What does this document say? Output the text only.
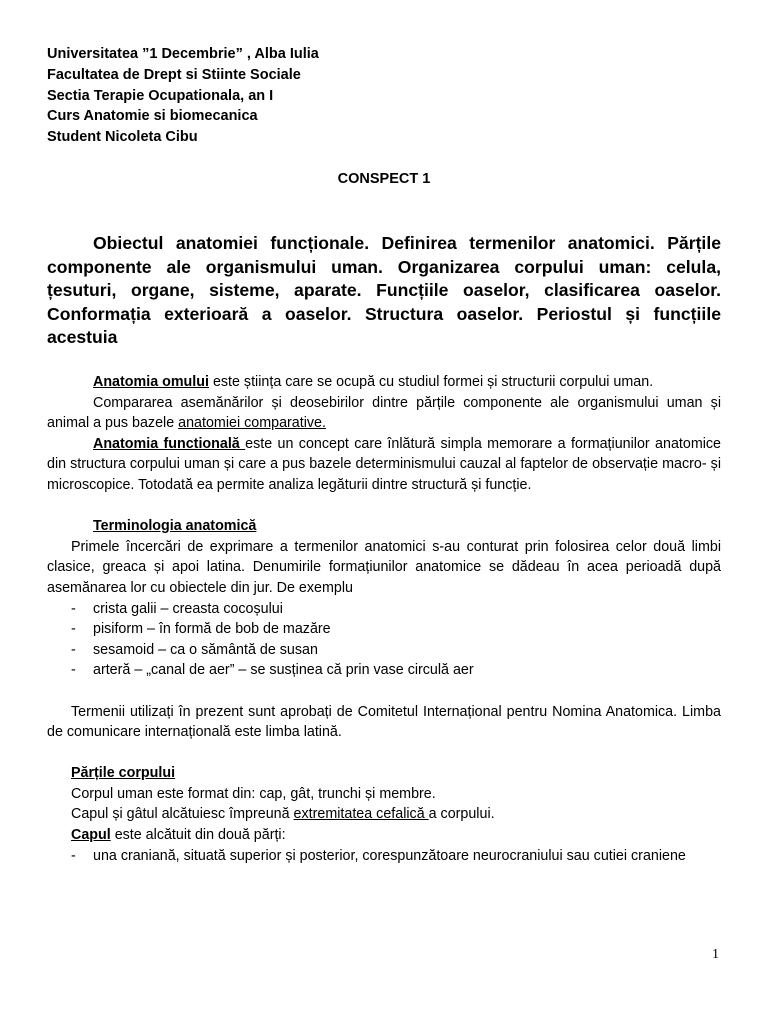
Universitatea ”1 Decembrie” , Alba Iulia
Facultatea de Drept si Stiinte Sociale
Sectia Terapie Ocupationala, an I
Curs Anatomie si biomecanica
Student Nicoleta Cibu
CONSPECT 1
Obiectul anatomiei funcționale. Definirea termenilor anatomici. Părțile componente ale organismului uman. Organizarea corpului uman: celula, țesuturi, organe, sisteme, aparate. Funcțiile oaselor, clasificarea oaselor. Conformația exterioară a oaselor. Structura oaselor. Periostul și funcțiile acestuia

Anatomia omului este știința care se ocupă cu studiul formei și structurii corpului uman.

Compararea asemănărilor și deosebirilor dintre părțile componente ale organismului uman și animal a pus bazele anatomiei comparative.

Anatomia functională este un concept care înlătură simpla memorare a formațiunilor anatomice din structura corpului uman și care a pus bazele determinismului cauzal al faptelor de observație macro- și microscopice. Totodată ea permite analiza legăturii dintre structură și funcție.

Terminologia anatomică

Primele încercări de exprimare a termenilor anatomici s-au conturat prin folosirea celor două limbi clasice, greaca și apoi latina. Denumirile formațiunilor anatomice se dădeau în acea perioadă după asemănarea lor cu obiectele din jur. De exemplu

- crista galii – creasta cocoșului
- pisiform – în formă de bob de mazăre
- sesamoid – ca o sământă de susan
- arteră – „canal de aer” – se susținea că prin vase circulă aer

Termenii utilizați în prezent sunt aprobați de Comitetul Internațional pentru Nomina Anatomica. Limba de comunicare internațională este limba latină.

Părțile corpului

Corpul uman este format din: cap, gât, trunchi și membre.

Capul și gâtul alcătuiesc împreună extremitatea cefalică a corpului.

Capul este alcătuit din două părți:

- una craniană, situată superior și posterior, corespunzătoare neurocraniului sau cutiei craniene
1
